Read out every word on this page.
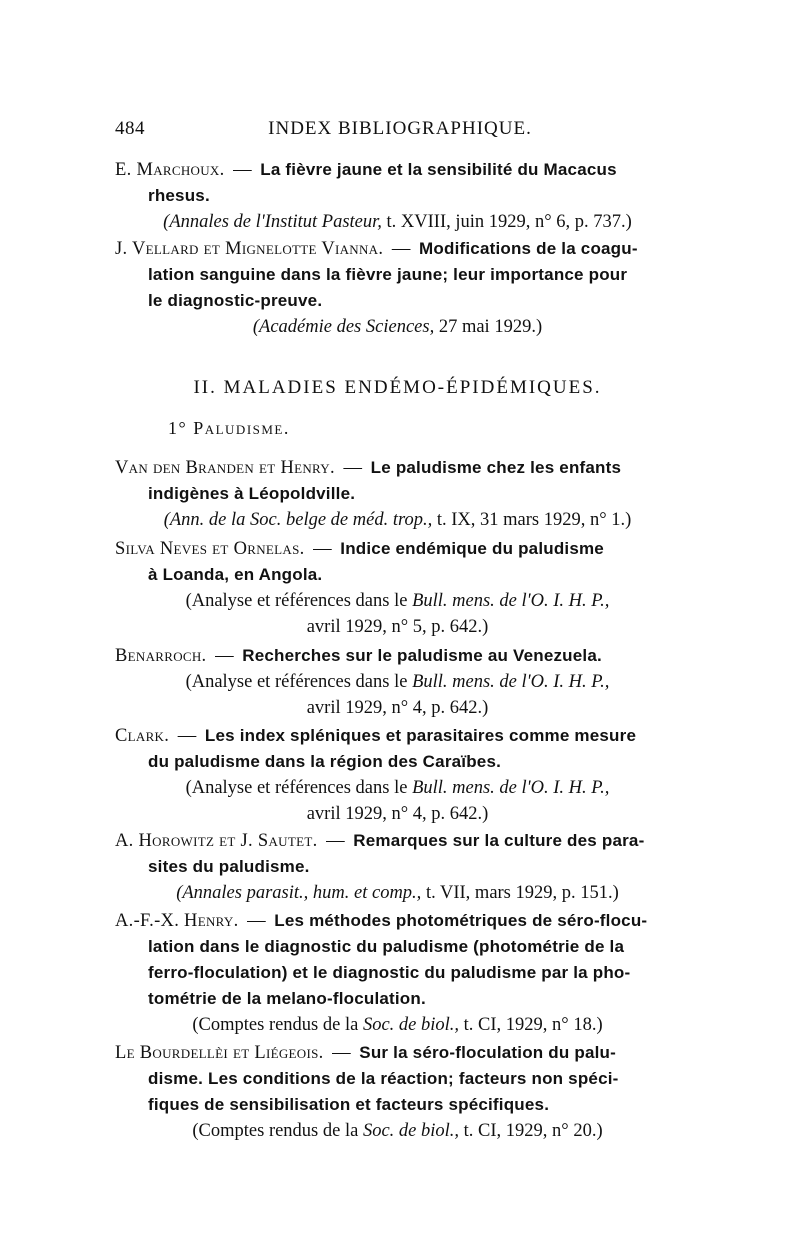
484	INDEX BIBLIOGRAPHIQUE.
E. Marchoux. — La fièvre jaune et la sensibilité du Macacus
rhesus.
(Annales de l'Institut Pasteur, t. XVIII, juin 1929, n° 6, p. 737.)
J. Vellard et Mignelotte Vianna. — Modifications de la coagu-
lation sanguine dans la fièvre jaune; leur importance pour
le diagnostic-preuve.
(Académie des Sciences, 27 mai 1929.)
II. MALADIES ENDÉMO-ÉPIDÉMIQUES.
1° Paludisme.
Van den Branden et Henry. — Le paludisme chez les enfants
indigènes à Léopoldville.
(Ann. de la Soc. belge de méd. trop., t. IX, 31 mars 1929, n° 1.)
Silva Neves et Ornelas. — Indice endémique du paludisme
à Loanda, en Angola.
(Analyse et références dans le Bull. mens. de l'O. I. H. P.,
avril 1929, n° 5, p. 642.)
Benarroch. — Recherches sur le paludisme au Venezuela.
(Analyse et références dans le Bull. mens. de l'O. I. H. P.,
avril 1929, n° 4, p. 642.)
Clark. — Les index spléniques et parasitaires comme mesure
du paludisme dans la région des Caraïbes.
(Analyse et références dans le Bull. mens. de l'O. I. H. P.,
avril 1929, n° 4, p. 642.)
A. Horowitz et J. Sautet. — Remarques sur la culture des para-
sites du paludisme.
(Annales parasit., hum. et comp., t. VII, mars 1929, p. 151.)
A.-F.-X. Henry. — Les méthodes photométriques de séro-flocu-
lation dans le diagnostic du paludisme (photométrie de la
ferro-floculation) et le diagnostic du paludisme par la pho-
tométrie de la melano-floculation.
(Comptes rendus de la Soc. de biol., t. CI, 1929, n° 18.)
Le Bourdellèi et Liégeois. — Sur la séro-floculation du palu-
disme. Les conditions de la réaction; facteurs non spéci-
fiques de sensibilisation et facteurs spécifiques.
(Comptes rendus de la Soc. de biol., t. CI, 1929, n° 20.)
